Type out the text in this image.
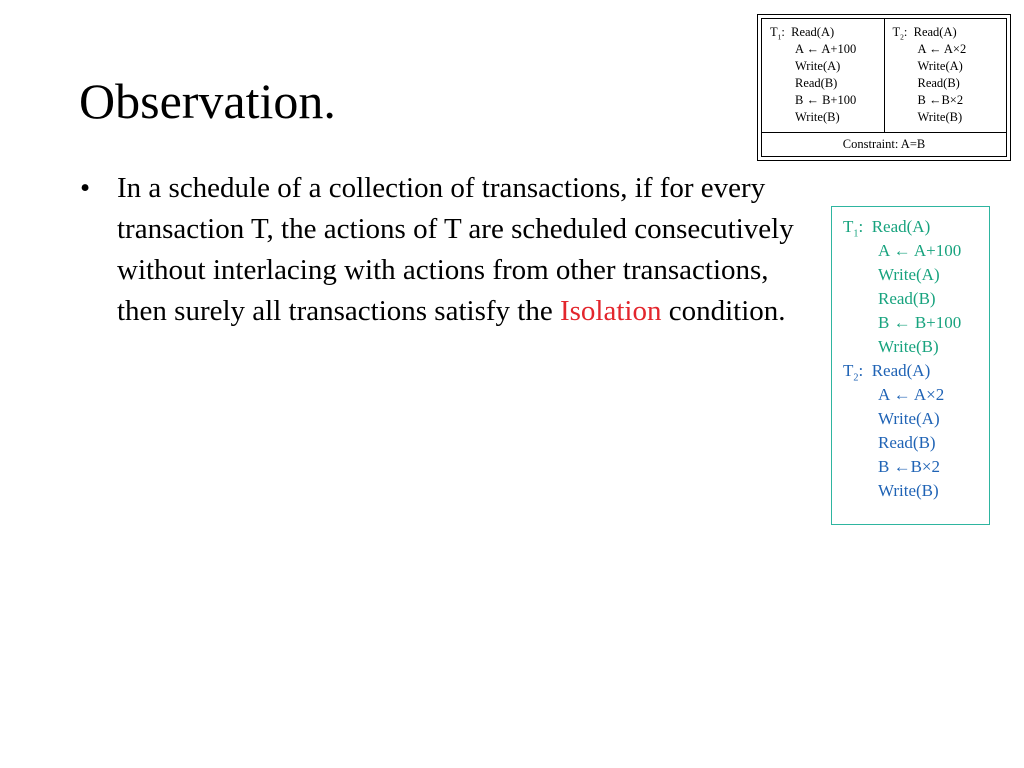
Observation.
• In a schedule of a collection of transactions, if for every transaction T, the actions of T are scheduled consecutively without interlacing with actions from other transactions, then surely all transactions satisfy the Isolation condition.
$T_1$:  Read(A)
A ← A+100
Write(A)
Read(B)
B ← B+100
Write(B)
$T_2$:  Read(A)
A ← A×2
Write(A)
Read(B)
B ←B×2
Write(B)
Constraint: A=B
$T_1$:  Read(A)
A ← A+100
Write(A)
Read(B)
B ← B+100
Write(B)
$T_2$:  Read(A)
A ← A×2
Write(A)
Read(B)
B ←B×2
Write(B)
